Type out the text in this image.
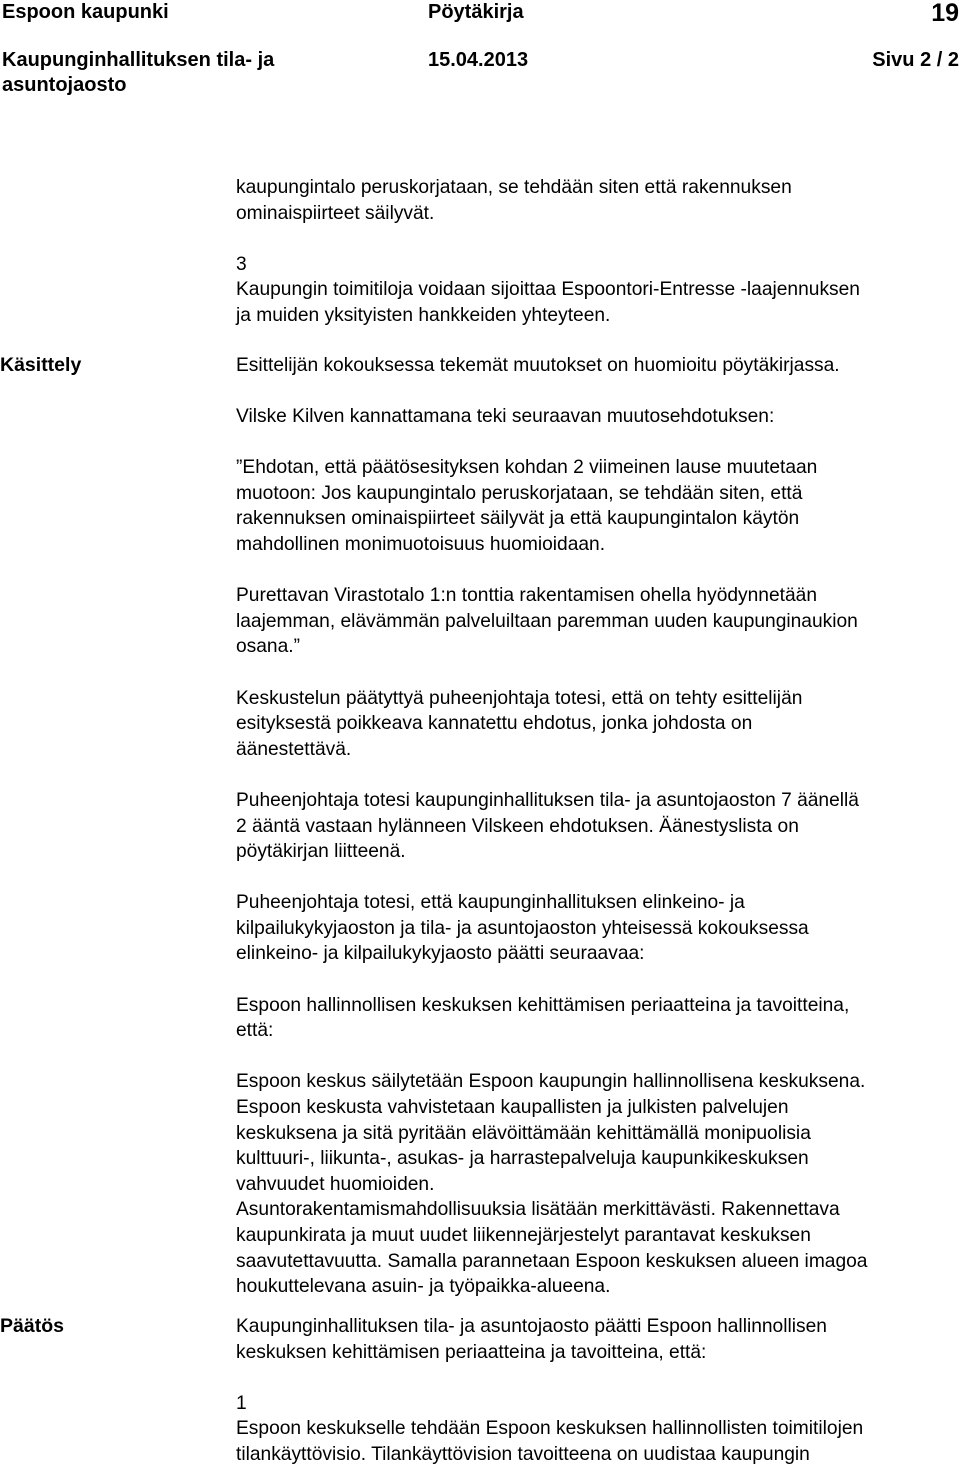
Espoon kaupunki	Pöytäkirja	19
Kaupunginhallituksen tila- ja
asuntojaosto
15.04.2013	Sivu 2 / 2
Käsittely
Päätös

kaupungintalo peruskorjataan, se tehdään siten että rakennuksen

ominaispiirteet säilyvät.

3

Kaupungin toimitiloja voidaan sijoittaa Espoontori-Entresse -laajennuksen

ja muiden yksityisten hankkeiden yhteyteen.

Esittelijän kokouksessa tekemät muutokset on huomioitu pöytäkirjassa.

Vilske Kilven kannattamana teki seuraavan muutosehdotuksen:

”Ehdotan, että päätösesityksen kohdan 2 viimeinen lause muutetaan

muotoon: Jos kaupungintalo peruskorjataan, se tehdään siten, että

rakennuksen ominaispiirteet säilyvät ja että kaupungintalon käytön

mahdollinen monimuotoisuus huomioidaan.

Purettavan Virastotalo 1:n tonttia rakentamisen ohella hyödynnetään

laajemman, elävämmän palveluiltaan paremman uuden kaupunginaukion

osana.”

Keskustelun päätyttyä puheenjohtaja totesi, että on tehty esittelijän

esityksestä poikkeava kannatettu ehdotus, jonka johdosta on

äänestettävä.

Puheenjohtaja totesi kaupunginhallituksen tila- ja asuntojaoston 7 äänellä

2 ääntä vastaan hylänneen Vilskeen ehdotuksen. Äänestyslista on

pöytäkirjan liitteenä.

Puheenjohtaja totesi, että kaupunginhallituksen elinkeino- ja

kilpailukykyjaoston ja tila- ja asuntojaoston yhteisessä kokouksessa

elinkeino- ja kilpailukykyjaosto päätti seuraavaa:

Espoon hallinnollisen keskuksen kehittämisen periaatteina ja tavoitteina,

että:

Espoon keskus säilytetään Espoon kaupungin hallinnollisena keskuksena.

Espoon keskusta vahvistetaan kaupallisten ja julkisten palvelujen

keskuksena ja sitä pyritään elävöittämään kehittämällä monipuolisia

kulttuuri-, liikunta-, asukas- ja harrastepalveluja kaupunkikeskuksen

vahvuudet huomioiden.

Asuntorakentamismahdollisuuksia lisätään merkittävästi. Rakennettava

kaupunkirata ja muut uudet liikennejärjestelyt parantavat keskuksen

saavutettavuutta. Samalla parannetaan Espoon keskuksen alueen imagoa

houkuttelevana asuin- ja työpaikka-alueena.

Kaupunginhallituksen tila- ja asuntojaosto päätti Espoon hallinnollisen

keskuksen kehittämisen periaatteina ja tavoitteina, että:

1

Espoon keskukselle tehdään Espoon keskuksen hallinnollisten toimitilojen

tilankäyttövisio. Tilankäyttövision tavoitteena on uudistaa kaupungin
